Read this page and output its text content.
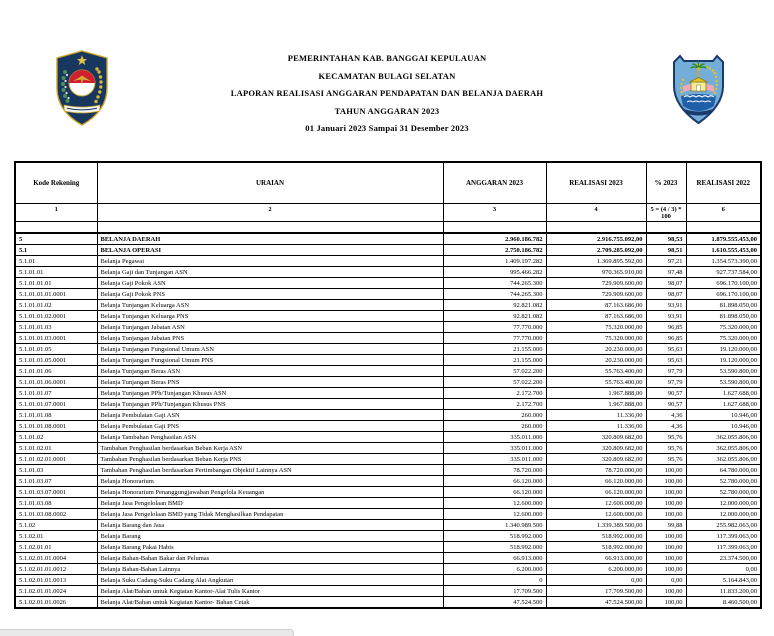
PEMERINTAHAN KAB. BANGGAI KEPULAUAN
KECAMATAN BULAGI SELATAN
LAPORAN REALISASI ANGGARAN PENDAPATAN DAN BELANJA DAERAH
TAHUN ANGGARAN 2023
01 Januari 2023 Sampai 31 Desember 2023
Kode Rekening	URAIAN	ANGGARAN 2023	REALISASI 2023	% 2023	REALISASI 2022
1	2	3	4	5 = (4 / 3) * 100	6

5	BELANJA DAERAH	2.960.186.782	2.916.755.092,00	98,53	1.879.555.453,00
5.1	BELANJA OPERASI	2.750.186.782	2.709.285.092,00	98,51	1.610.555.453,00
5.1.01	Belanja Pegawai	1.409.197.282	1.369.895.592,00	97,21	1.354.573.390,00
5.1.01.01	Belanja Gaji dan Tunjangan ASN	995.466.282	970.365.910,00	97,48	927.737.584,00
5.1.01.01.01	Belanja Gaji Pokok ASN	744.265.300	729.909.600,00	98,07	696.170.100,00
5.1.01.01.01.0001	Belanja Gaji Pokok PNS	744.265.300	729.909.600,00	98,07	696.170.100,00
5.1.01.01.02	Belanja Tunjangan Keluarga ASN	92.821.082	87.163.686,00	93,91	81.898.050,00
5.1.01.01.02.0001	Belanja Tunjangan Keluarga PNS	92.821.082	87.163.686,00	93,91	81.898.050,00
5.1.01.01.03	Belanja Tunjangan Jabatan ASN	77.770.000	75.320.000,00	96,85	75.320.000,00
5.1.01.01.03.0001	Belanja Tunjangan Jabatan PNS	77.770.000	75.320.000,00	96,85	75.320.000,00
5.1.01.01.05	Belanja Tunjangan Fungsional Umum ASN	21.155.000	20.230.000,00	95,63	19.120.000,00
5.1.01.01.05.0001	Belanja Tunjangan Fungsional Umum PNS	21.155.000	20.230.000,00	95,63	19.120.000,00
5.1.01.01.06	Belanja Tunjangan Beras ASN	57.022.200	55.763.400,00	97,79	53.590.800,00
5.1.01.01.06.0001	Belanja Tunjangan Beras PNS	57.022.200	55.763.400,00	97,79	53.590.800,00
5.1.01.01.07	Belanja Tunjangan PPh/Tunjangan Khusus ASN	2.172.700	1.967.888,00	90,57	1.627.688,00
5.1.01.01.07.0001	Belanja Tunjangan PPh/Tunjangan Khusus PNS	2.172.700	1.967.888,00	90,57	1.627.688,00
5.1.01.01.08	Belanja Pembulatan Gaji ASN	260.000	11.336,00	4,36	10.946,00
5.1.01.01.08.0001	Belanja Pembulatan Gaji PNS	260.000	11.336,00	4,36	10.946,00
5.1.01.02	Belanja Tambahan Penghasilan ASN	335.011.000	320.809.682,00	95,76	362.055.806,00
5.1.01.02.01	Tambahan Penghasilan berdasarkan Beban Kerja ASN	335.011.000	320.809.682,00	95,76	362.055.806,00
5.1.01.02.01.0001	Tambahan Penghasilan berdasarkan Beban Kerja PNS	335.011.000	320.809.682,00	95,76	362.055.806,00
5.1.01.03	Tambahan Penghasilan berdasarkan Pertimbangan Objektif Lainnya ASN	78.720.000	78.720.000,00	100,00	64.780.000,00
5.1.01.03.07	Belanja Honorarium	66.120.000	66.120.000,00	100,00	52.780.000,00
5.1.01.03.07.0001	Belanja Honorarium Penanggungjawaban Pengelola Keuangan	66.120.000	66.120.000,00	100,00	52.780.000,00
5.1.01.03.08	Belanja Jasa Pengelolaan BMD	12.600.000	12.600.000,00	100,00	12.000.000,00
5.1.01.03.08.0002	Belanja Jasa Pengelolaan BMD yang Tidak Menghasilkan Pendapatan	12.600.000	12.600.000,00	100,00	12.000.000,00
5.1.02	Belanja Barang dan Jasa	1.340.989.500	1.339.389.500,00	99,88	255.982.063,00
5.1.02.01	Belanja Barang	518.992.000	518.992.000,00	100,00	117.399.063,00
5.1.02.01.01	Belanja Barang Pakai Habis	518.992.000	518.992.000,00	100,00	117.399.063,00
5.1.02.01.01.0004	Belanja Bahan-Bahan Bakar dan Pelumas	66.913.000	66.913.000,00	100,00	23.374.500,00
5.1.02.01.01.0012	Belanja Bahan-Bahan Lainnya	6.200.000	6.200.000,00	100,00	0,00
5.1.02.01.01.0013	Belanja Suku Cadang-Suku Cadang Alat Angkutan	0	0,00	0,00	5.164.843,00
5.1.02.01.01.0024	Belanja Alat/Bahan untuk Kegiatan Kantor-Alat Tulis Kantor	17.709.500	17.709.500,00	100,00	11.833.200,00
5.1.02.01.01.0026	Belanja Alat/Bahan untuk Kegiatan Kantor- Bahan Cetak	47.524.500	47.524.500,00	100,00	8.460.500,00
